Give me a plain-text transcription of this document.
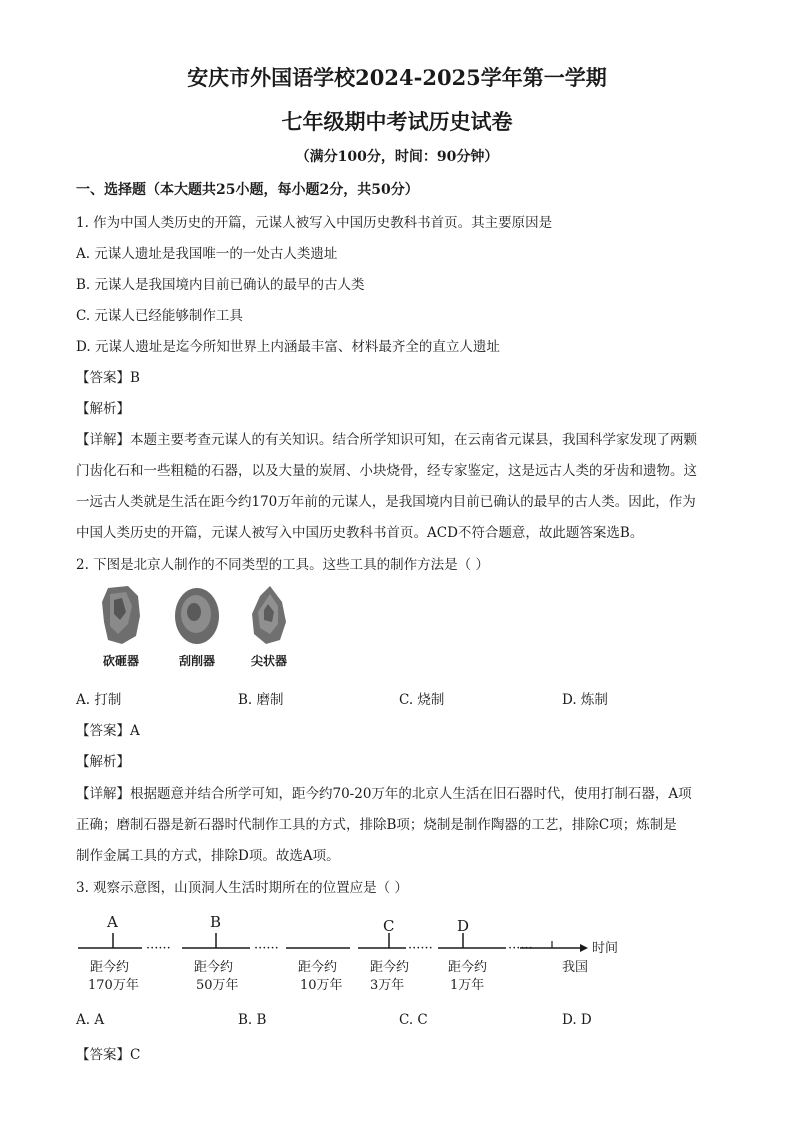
安庆市外国语学校2024-2025学年第一学期
七年级期中考试历史试卷
（满分100分，时间：90分钟）
一、选择题（本大题共25小题，每小题2分，共50分）
1. 作为中国人类历史的开篇，元谋人被写入中国历史教科书首页。其主要原因是
A. 元谋人遗址是我国唯一的一处古人类遗址
B. 元谋人是我国境内目前已确认的最早的古人类
C. 元谋人已经能够制作工具
D. 元谋人遗址是迄今所知世界上内涵最丰富、材料最齐全的直立人遗址
【答案】B
【解析】
【详解】本题主要考查元谋人的有关知识。结合所学知识可知，在云南省元谋县，我国科学家发现了两颗
门齿化石和一些粗糙的石器，以及大量的炭屑、小块烧骨，经专家鉴定，这是远古人类的牙齿和遗物。这
一远古人类就是生活在距今约170万年前的元谋人，是我国境内目前已确认的最早的古人类。因此，作为
中国人类历史的开篇，元谋人被写入中国历史教科书首页。ACD不符合题意，故此题答案选B。
2. 下图是北京人制作的不同类型的工具。这些工具的制作方法是（ ）
砍砸器	刮削器	尖状器
A. 打制	B. 磨制	C. 烧制	D. 炼制
【答案】A
【解析】
【详解】根据题意并结合所学可知，距今约70-20万年的北京人生活在旧石器时代，使用打制石器，A项
正确；磨制石器是新石器时代制作工具的方式，排除B项；烧制是制作陶器的工艺，排除C项；炼制是
制作金属工具的方式，排除D项。故选A项。
3. 观察示意图，山顶洞人生活时期所在的位置应是（ ）
······	······	······	······	时间
A	B	C	D
距今约
170万年
距今约
50万年
距今约
10万年
距今约
3万年
距今约
1万年
我国
A. A	B. B	C. C	D. D
【答案】C
